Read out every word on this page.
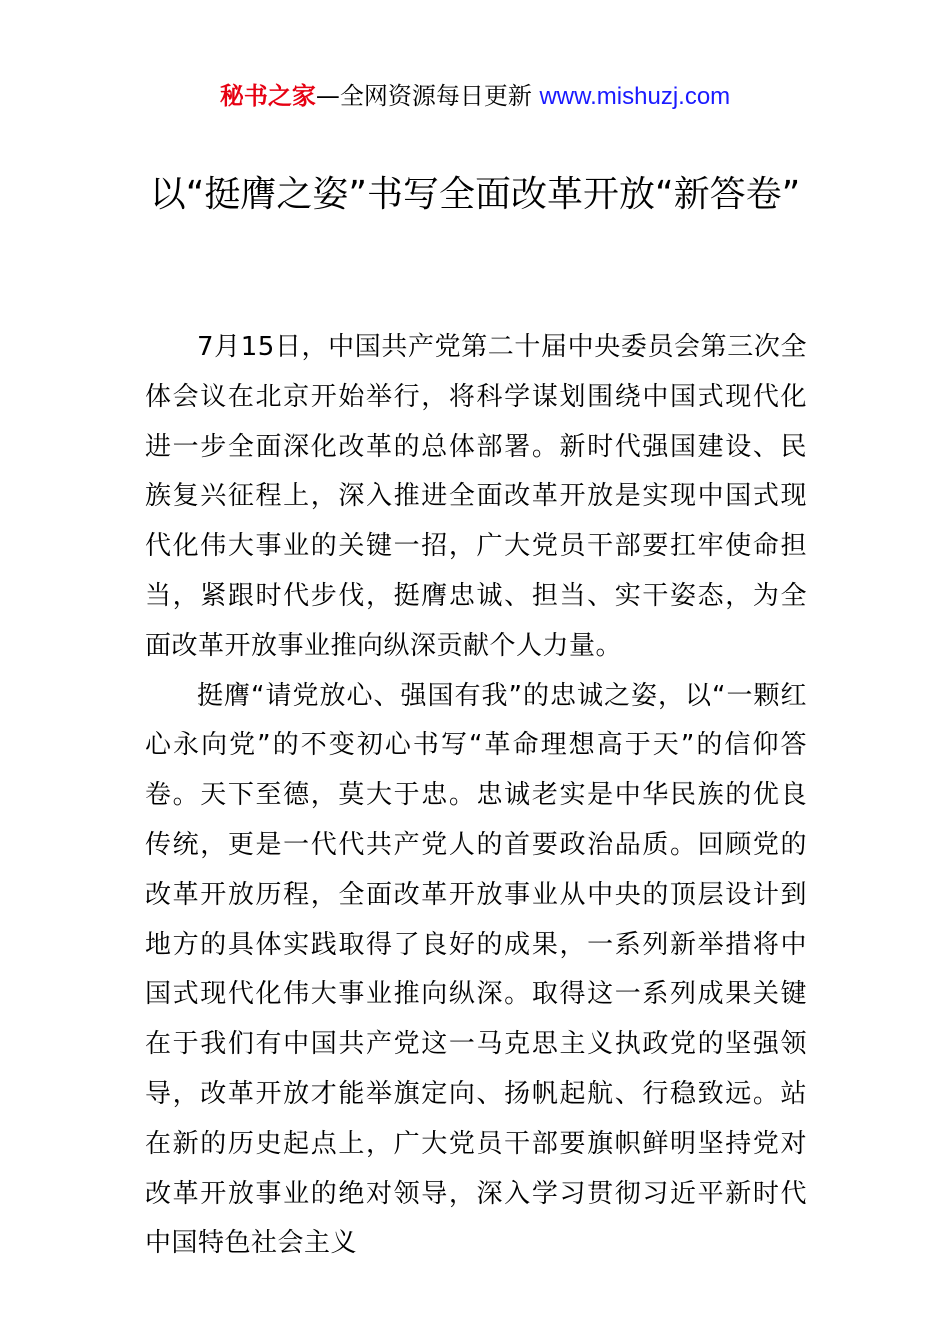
秘书之家—全网资源每日更新 www.mishuzj.com
以“挺膺之姿”书写全面改革开放“新答卷”

7月15日，中国共产党第二十届中央委员会第三次全体会议在北京开始举行，将科学谋划围绕中国式现代化进一步全面深化改革的总体部署。新时代强国建设、民族复兴征程上，深入推进全面改革开放是实现中国式现代化伟大事业的关键一招，广大党员干部要扛牢使命担当，紧跟时代步伐，挺膺忠诚、担当、实干姿态，为全面改革开放事业推向纵深贡献个人力量。

挺膺“请党放心、强国有我”的忠诚之姿，以“一颗红心永向党”的不变初心书写“革命理想高于天”的信仰答卷。天下至德，莫大于忠。忠诚老实是中华民族的优良传统，更是一代代共产党人的首要政治品质。回顾党的改革开放历程，全面改革开放事业从中央的顶层设计到地方的具体实践取得了良好的成果，一系列新举措将中国式现代化伟大事业推向纵深。取得这一系列成果关键在于我们有中国共产党这一马克思主义执政党的坚强领导，改革开放才能举旗定向、扬帆起航、行稳致远。站在新的历史起点上，广大党员干部要旗帜鲜明坚持党对改革开放事业的绝对领导，深入学习贯彻习近平新时代中国特色社会主义
